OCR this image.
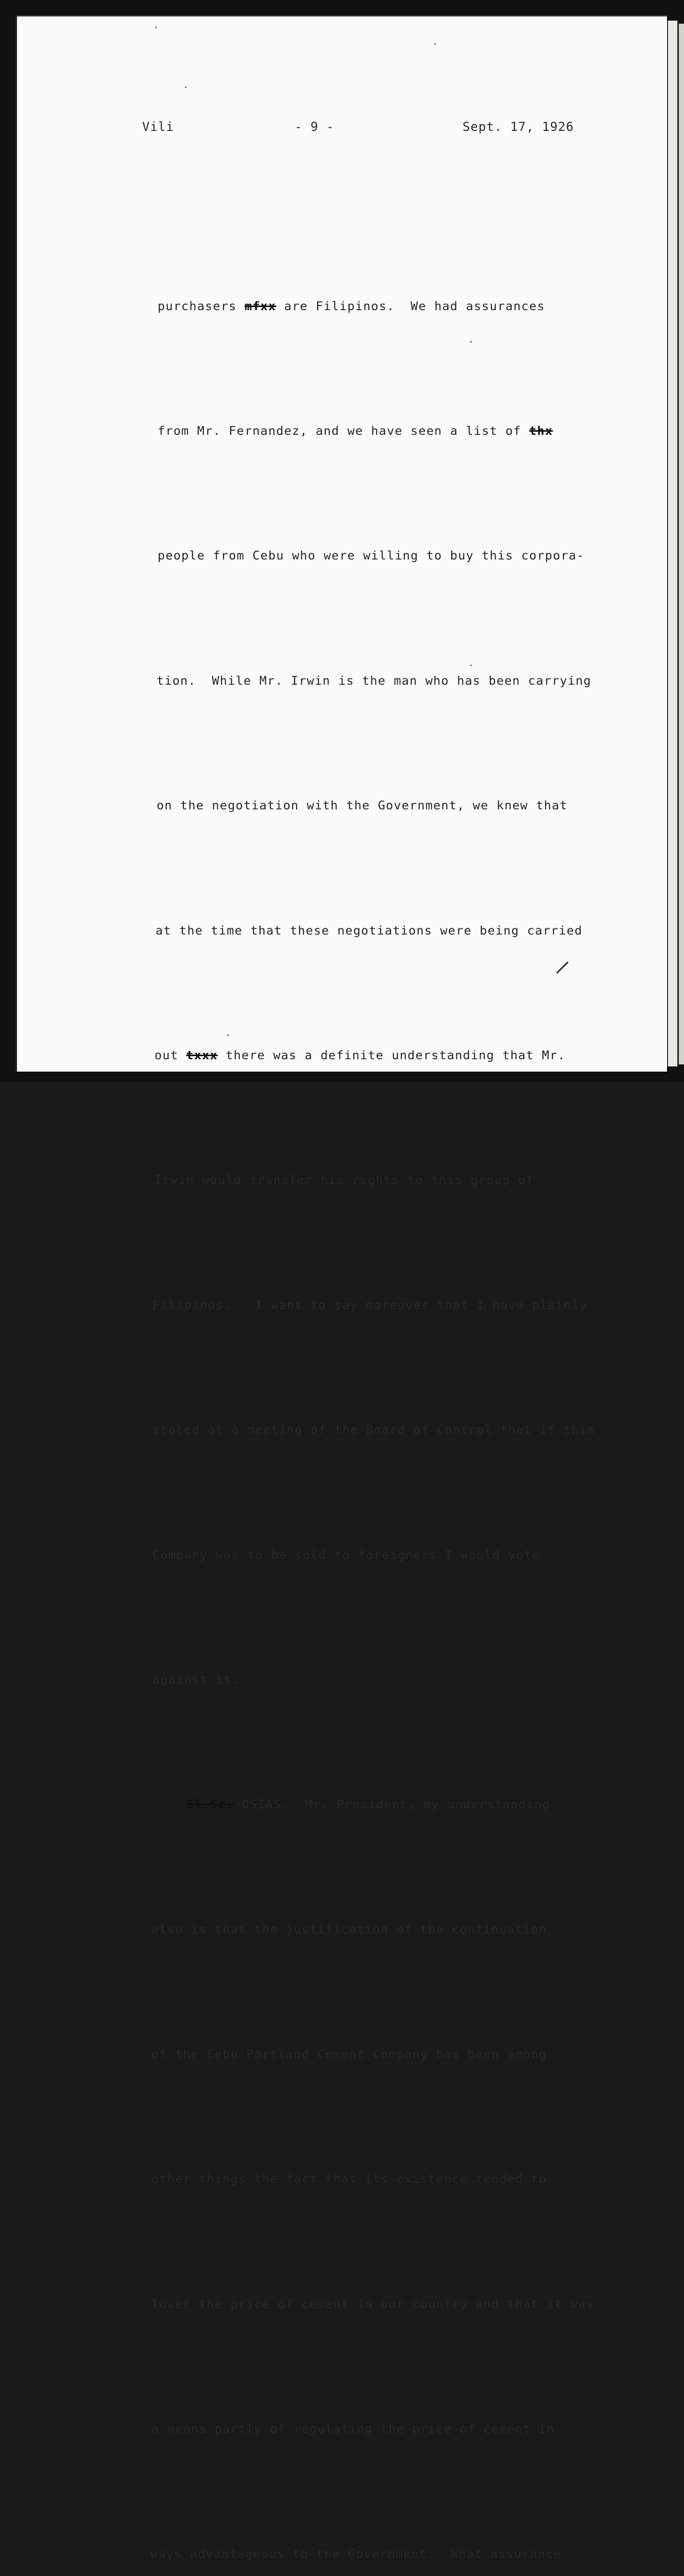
Vili	- 9 -	Sept. 17, 1926

purchasers mfxx are Filipinos.  We had assurances

from Mr. Fernandez, and we have seen a list of thx

people from Cebu who were willing to buy this corpora-

tion.  While Mr. Irwin is the man who has been carrying

on the negotiation with the Government, we knew that

at the time that these negotiations were being carried

out txxx there was a definite understanding that Mr.

Irwin would transfer his rights to this group of

Filipinos.   I want to say moreover that I have plainly

stated at a meeting of the Board of Control that if this

Company was to be sold to foreigners I would vote

against it.

El Sr. OSIAS.  Mr. President, my understanding

also is that the justification of the continuation

of the Cebu Portland Cement Company has been among

other things the fact that its existence tended to

lower the price of cement in our country and that it was

a means partly of regulating the price of cement in

ways advantageous to the Government.  What assurance

/
